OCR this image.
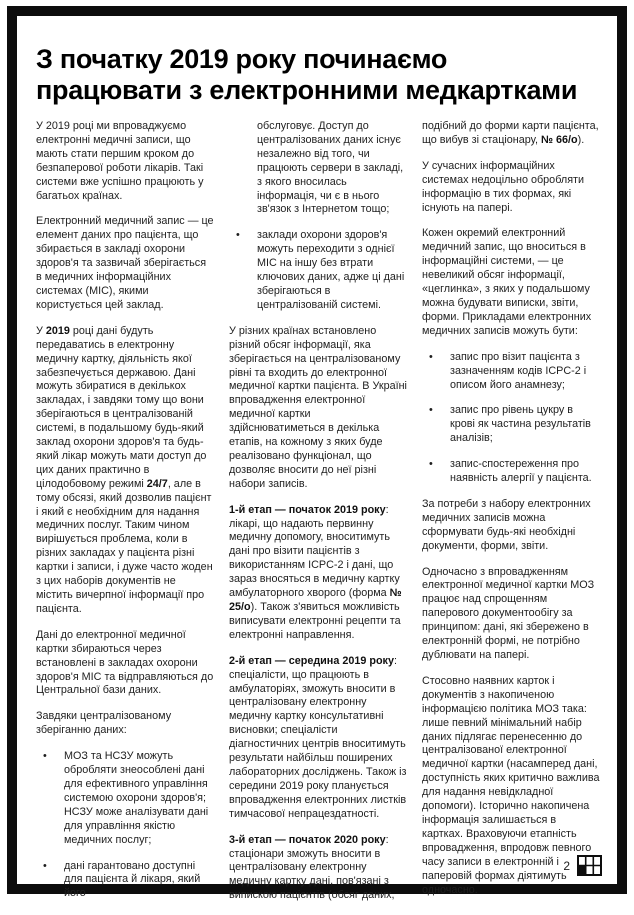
З початку 2019 року починаємо
працювати з електронними медкартками
У 2019 році ми впроваджуємо електронні медичні записи, що мають стати першим кроком до безпаперової роботи лікарів. Такі системи вже успішно працюють у багатьох країнах.
Електронний медичний запис — це елемент даних про пацієнта, що збирається в закладі охорони здоров'я та зазвичай зберігається в медичних інформаційних системах (МІС), якими користується цей заклад.
У 2019 році дані будуть передаватись в електронну медичну картку, діяльність якої забезпечується державою. Дані можуть збиратися в декількох закладах, і завдяки тому що вони зберігаються в централізованій системі, в подальшому будь-який заклад охорони здоров'я та будь-який лікар можуть мати доступ до цих даних практично в цілодобовому режимі 24/7, але в тому обсязі, який дозволив пацієнт і який є необхідним для надання медичних послуг. Таким чином вирішується проблема, коли в різних закладах у пацієнта різні картки і записи, і дуже часто жоден з цих наборів документів не містить вичерпної інформації про пацієнта.
Дані до електронної медичної картки збираються через встановлені в закладах охорони здоров'я МІС та відправляються до Центральної бази даних.
Завдяки централізованому зберіганню даних:
•	МОЗ та НСЗУ можуть обробляти знеособлені дані для ефективного управління системою охорони здоров'я; НСЗУ може аналізувати дані для управління якістю медичних послуг;
•	дані гарантовано доступні для пацієнта й лікаря, який його
обслуговує. Доступ до централізованих даних існує незалежно від того, чи працюють сервери в закладі, з якого вносилась інформація, чи є в нього зв'язок з Інтернетом тощо;
•	заклади охорони здоров'я можуть переходити з однієї МІС на іншу без втрати ключових даних, адже ці дані зберігаються в централізованій системі.
У різних країнах встановлено різний обсяг інформації, яка зберігається на централізованому рівні та входить до електронної медичної картки пацієнта. В Україні впровадження електронної медичної картки здійснюватиметься в декілька етапів, на кожному з яких буде реалізовано функціонал, що дозволяє вносити до неї різні набори записів.
1-й етап — початок 2019 року: лікарі, що надають первинну медичну допомогу, вноситимуть дані про візити пацієнтів з використанням ICPC-2 і дані, що зараз вносяться в медичну картку амбулаторного хворого (форма № 25/о). Також з'явиться можливість виписувати електронні рецепти та електронні направлення.
2-й етап — середина 2019 року: спеціалісти, що працюють в амбулаторіях, зможуть вносити в централізовану електронну медичну картку консультативні висновки; спеціалісти діагностичних центрів вноситимуть результати найбільш поширених лабораторних досліджень. Також із середини 2019 року планується впровадження електронних листків тимчасової непрацездатності.
3-й етап — початок 2020 року: стаціонари зможуть вносити в централізовану електронну медичну картку дані, пов'язані з випискою пацієнтів (обсяг даних,
подібний до форми карти пацієнта, що вибув зі стаціонару, № 66/о).
У сучасних інформаційних системах недоцільно обробляти інформацію в тих формах, які існують на папері.
Кожен окремий електронний медичний запис, що вноситься в інформаційні системи, — це невеликий обсяг інформації, «цеглинка», з яких у подальшому можна будувати виписки, звіти, форми. Прикладами електронних медичних записів можуть бути:
•	запис про візит пацієнта з зазначенням кодів ICPC-2 і описом його анамнезу;
•	запис про рівень цукру в крові як частина результатів аналізів;
•	запис-спостереження про наявність алергії у пацієнта.
За потреби з набору електронних медичних записів можна сформувати будь-які необхідні документи, форми, звіти.
Одночасно з впровадженням електронної медичної картки МОЗ працює над спрощенням паперового документообігу за принципом: дані, які збережено в електронній формі, не потрібно дублювати на папері.
Стосовно наявних карток і документів з накопиченою інформацією політика МОЗ така: лише певний мінімальний набір даних підлягає перенесенню до централізованої електронної медичної картки (насамперед дані, доступність яких критично важлива для надання невідкладної допомоги). Історично накопичена інформація залишається в картках. Враховуючи етапність впровадження, впродовж певного часу записи в електронній і паперовій формах діятимуть одночасно.
2
